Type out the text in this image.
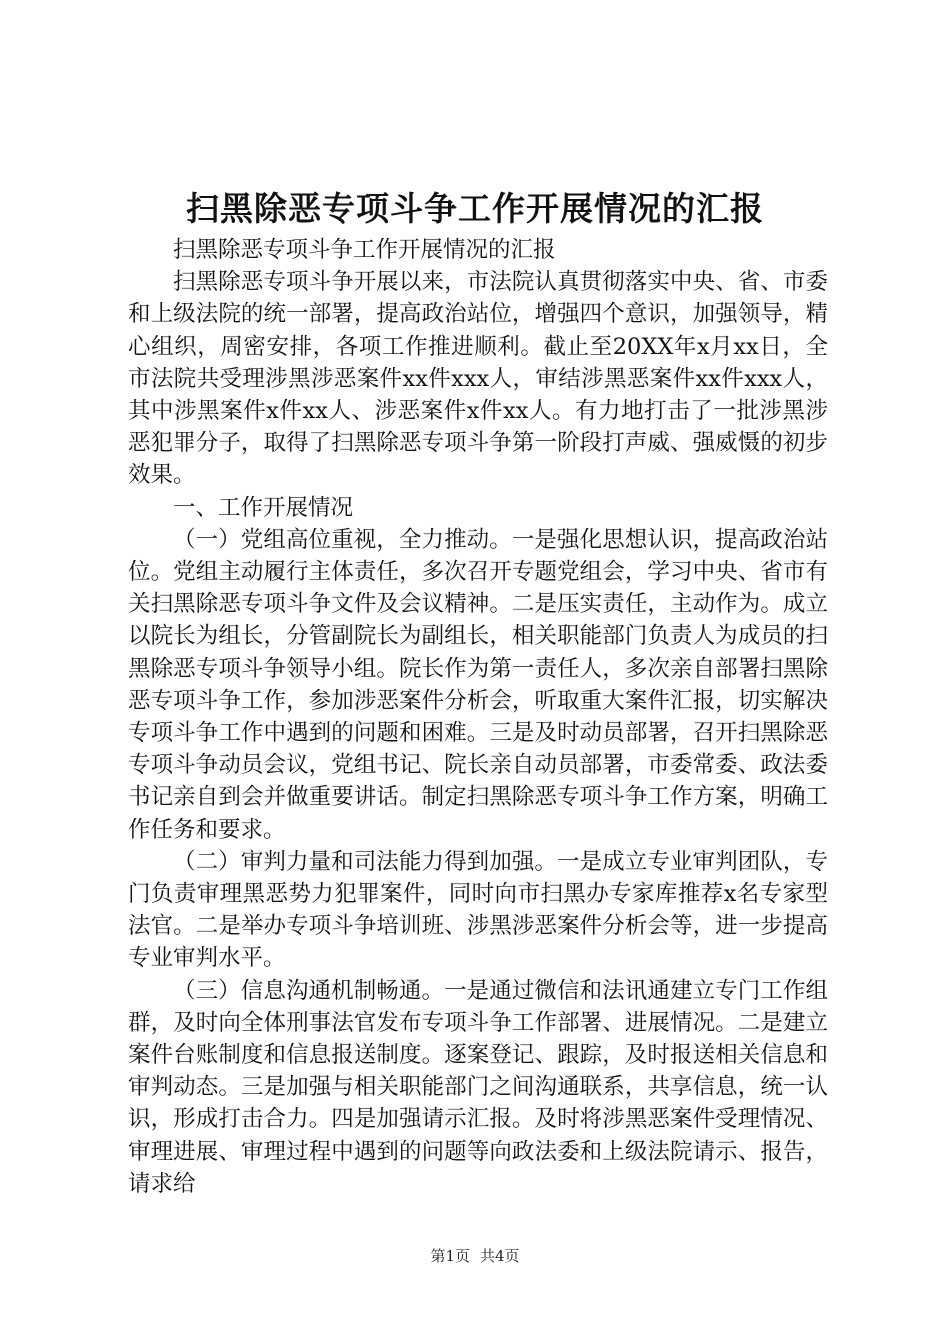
扫黑除恶专项斗争工作开展情况的汇报

扫黑除恶专项斗争工作开展情况的汇报

扫黑除恶专项斗争开展以来，市法院认真贯彻落实中央、省、市委和上级法院的统一部署，提高政治站位，增强四个意识，加强领导，精心组织，周密安排，各项工作推进顺利。截止至20XX年x月xx日，全市法院共受理涉黑涉恶案件xx件xxx人，审结涉黑恶案件xx件xxx人，其中涉黑案件x件xx人、涉恶案件x件xx人。有力地打击了一批涉黑涉恶犯罪分子，取得了扫黑除恶专项斗争第一阶段打声威、强威慑的初步效果。

一、工作开展情况

（一）党组高位重视，全力推动。一是强化思想认识，提高政治站位。党组主动履行主体责任，多次召开专题党组会，学习中央、省市有关扫黑除恶专项斗争文件及会议精神。二是压实责任，主动作为。成立以院长为组长，分管副院长为副组长，相关职能部门负责人为成员的扫黑除恶专项斗争领导小组。院长作为第一责任人，多次亲自部署扫黑除恶专项斗争工作，参加涉恶案件分析会，听取重大案件汇报，切实解决专项斗争工作中遇到的问题和困难。三是及时动员部署，召开扫黑除恶专项斗争动员会议，党组书记、院长亲自动员部署，市委常委、政法委书记亲自到会并做重要讲话。制定扫黑除恶专项斗争工作方案，明确工作任务和要求。

（二）审判力量和司法能力得到加强。一是成立专业审判团队，专门负责审理黑恶势力犯罪案件，同时向市扫黑办专家库推荐x名专家型法官。二是举办专项斗争培训班、涉黑涉恶案件分析会等，进一步提高专业审判水平。

（三）信息沟通机制畅通。一是通过微信和法讯通建立专门工作组群，及时向全体刑事法官发布专项斗争工作部署、进展情况。二是建立案件台账制度和信息报送制度。逐案登记、跟踪，及时报送相关信息和审判动态。三是加强与相关职能部门之间沟通联系，共享信息，统一认识，形成打击合力。四是加强请示汇报。及时将涉黑恶案件受理情况、审理进展、审理过程中遇到的问题等向政法委和上级法院请示、报告，请求给

第1页 共4页
